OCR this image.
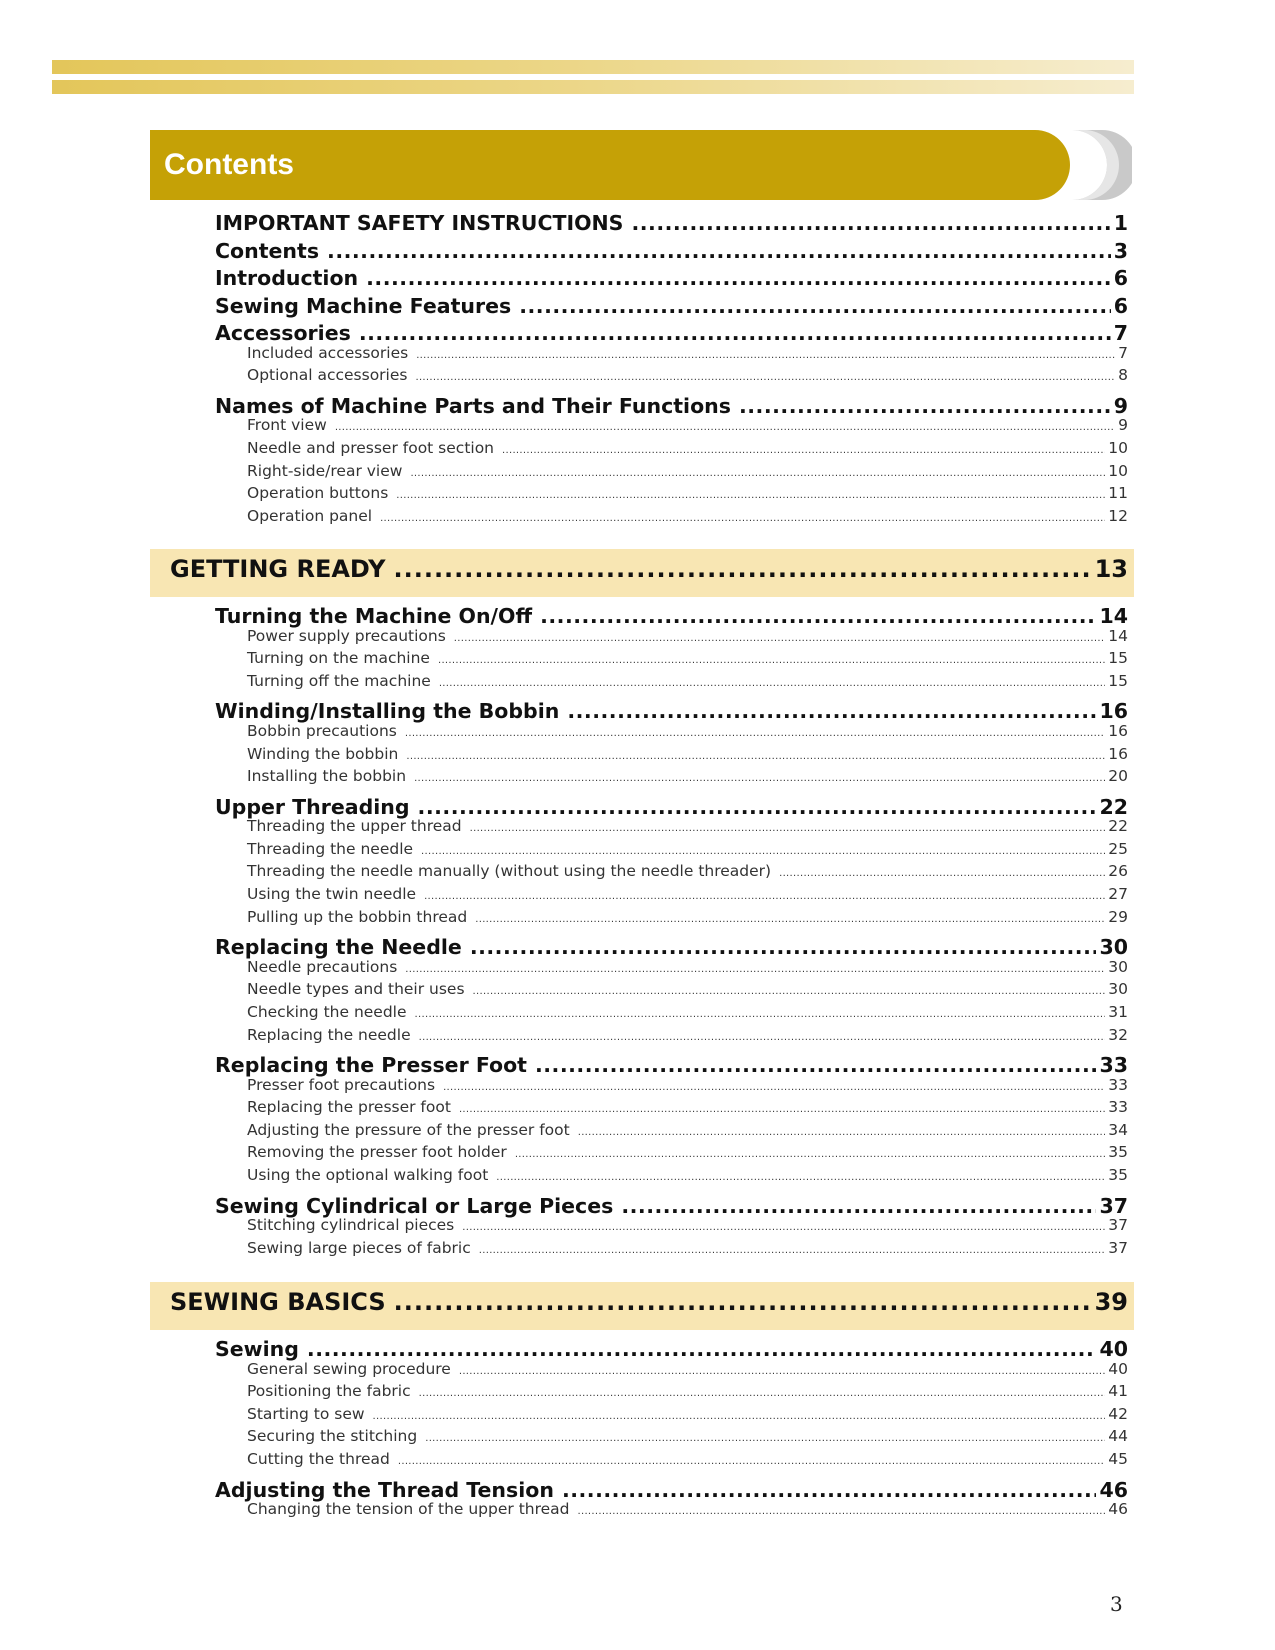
Contents
IMPORTANT SAFETY INSTRUCTIONS .....	1
Contents .....	3
Introduction .....	6
Sewing Machine Features .....	6
Accessories .....	7
Included accessories .....	7
Optional accessories .....	8
Names of Machine Parts and Their Functions .....	9
Front view .....	9
Needle and presser foot section .....	10
Right-side/rear view .....	10
Operation buttons .....	11
Operation panel .....	12
GETTING READY .....	13
Turning the Machine On/Off .....	14
Power supply precautions .....	14
Turning on the machine .....	15
Turning off the machine .....	15
Winding/Installing the Bobbin .....	16
Bobbin precautions .....	16
Winding the bobbin .....	16
Installing the bobbin .....	20
Upper Threading .....	22
Threading the upper thread .....	22
Threading the needle .....	25
Threading the needle manually (without using the needle threader) .....	26
Using the twin needle .....	27
Pulling up the bobbin thread .....	29
Replacing the Needle .....	30
Needle precautions .....	30
Needle types and their uses .....	30
Checking the needle .....	31
Replacing the needle .....	32
Replacing the Presser Foot .....	33
Presser foot precautions .....	33
Replacing the presser foot .....	33
Adjusting the pressure of the presser foot .....	34
Removing the presser foot holder .....	35
Using the optional walking foot .....	35
Sewing Cylindrical or Large Pieces .....	37
Stitching cylindrical pieces .....	37
Sewing large pieces of fabric .....	37
SEWING BASICS .....	39
Sewing .....	40
General sewing procedure .....	40
Positioning the fabric .....	41
Starting to sew .....	42
Securing the stitching .....	44
Cutting the thread .....	45
Adjusting the Thread Tension .....	46
Changing the tension of the upper thread .....	46
3
